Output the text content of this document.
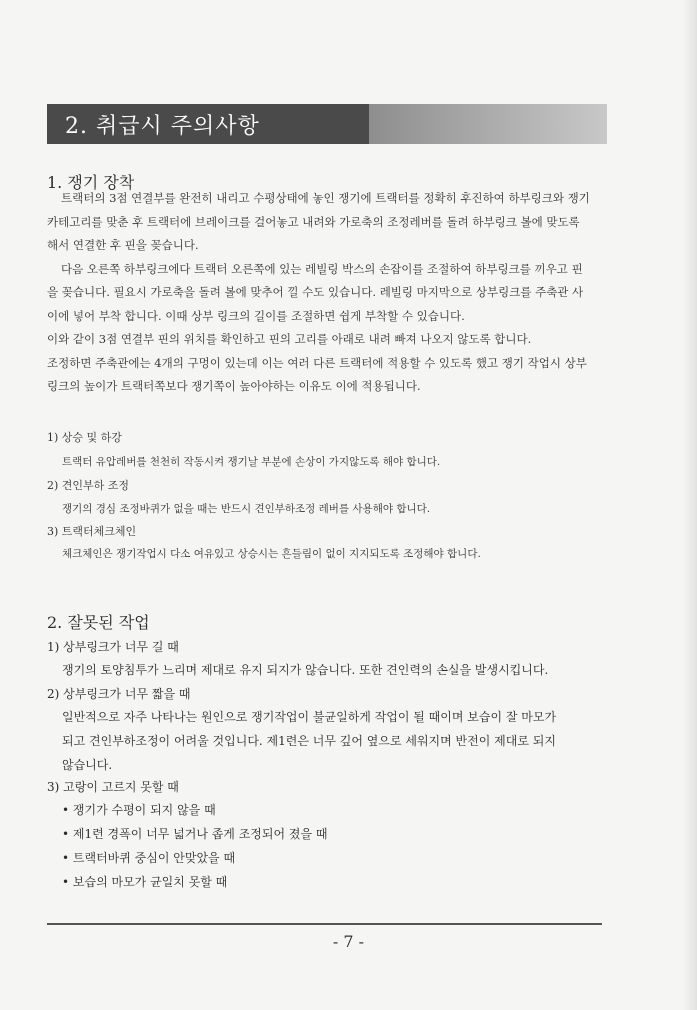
2. 취급시 주의사항
1. 쟁기 장착

트랙터의 3점 연결부를 완전히 내리고 수평상태에 놓인 쟁기에 트랙터를 정확히 후진하여 하부링크와 쟁기

카테고리를 맞춘 후 트랙터에 브레이크를 걸어놓고 내려와 가로축의 조정레버를 돌려 하부링크 볼에 맞도록

해서 연결한 후 핀을 꽂습니다.

다음 오른쪽 하부링크에다 트랙터 오른쪽에 있는 레빌링 박스의 손잡이를 조절하여 하부링크를 끼우고 핀

을 꽂습니다. 필요시 가로축을 돌려 볼에 맞추어 낄 수도 있습니다. 레빌링 마지막으로 상부링크를 주축관 사

이에 넣어 부착 합니다. 이때 상부 링크의 길이를 조절하면 쉽게 부착할 수 있습니다.

이와 같이 3점 연결부 핀의 위치를 확인하고 핀의 고리를 아래로 내려 빠져 나오지 않도록 합니다.

조정하면 주축관에는 4개의 구멍이 있는데 이는 여러 다른 트랙터에 적용할 수 있도록 했고 쟁기 작업시 상부

링크의 높이가 트랙터쪽보다 쟁기쪽이 높아야하는 이유도 이에 적용됩니다.

1) 상승 및 하강
트랙터 유압레버를 천천히 작동시켜 쟁기날 부분에 손상이 가지않도록 해야 합니다.
2) 견인부하 조정
쟁기의 경심 조정바퀴가 없을 때는 반드시 견인부하조정 레버를 사용해야 합니다.
3) 트랙터체크체인
체크체인은 쟁기작업시 다소 여유있고 상승시는 흔들림이 없이 지지되도록 조정해야 합니다.
2. 잘못된 작업
1) 상부링크가 너무 길 때
쟁기의 토양침투가 느리며 제대로 유지 되지가 않습니다. 또한 견인력의 손실을 발생시킵니다.
2) 상부링크가 너무 짧을 때
일반적으로 자주 나타나는 원인으로 쟁기작업이 불균일하게 작업이 될 때이며 보습이 잘 마모가
되고 견인부하조정이 어려울 것입니다. 제1련은 너무 깊어 옆으로 세워지며 반전이 제대로 되지
않습니다.
3) 고랑이 고르지 못할 때
• 쟁기가 수평이 되지 않을 때
• 제1련 경폭이 너무 넓거나 좁게 조정되어 졌을 때
• 트랙터바퀴 중심이 안맞았을 때
• 보습의 마모가 균일치 못할 때
- 7 -
